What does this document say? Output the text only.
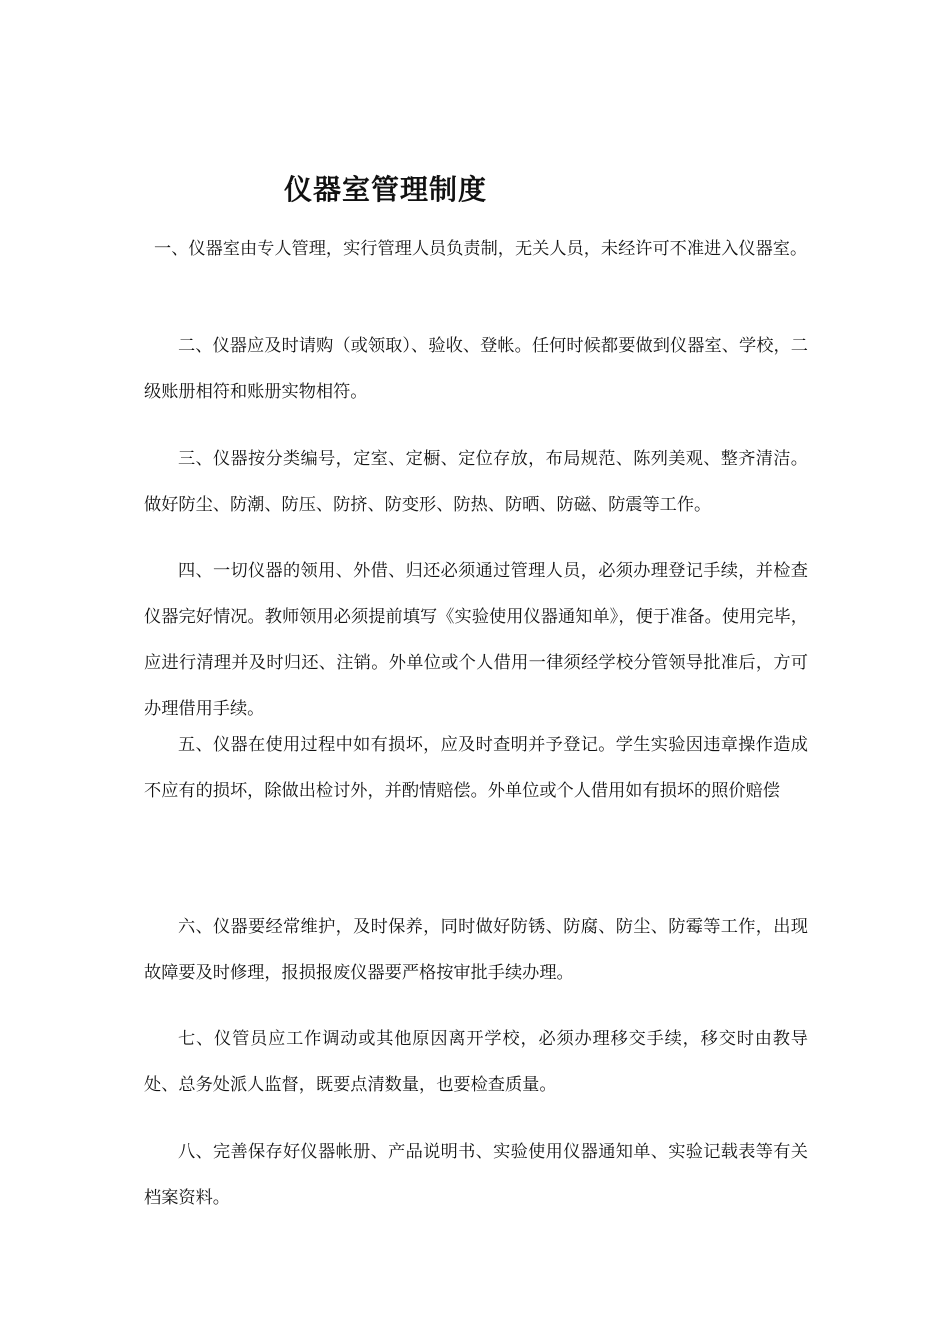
仪器室管理制度

一、仪器室由专人管理，实行管理人员负责制，无关人员，未经许可不准进入仪器室。

二、仪器应及时请购（或领取）、验收、登帐。任何时候都要做到仪器室、学校，二级账册相符和账册实物相符。

三、仪器按分类编号，定室、定橱、定位存放，布局规范、陈列美观、整齐清洁。做好防尘、防潮、防压、防挤、防变形、防热、防晒、防磁、防震等工作。

四、一切仪器的领用、外借、归还必须通过管理人员，必须办理登记手续，并检查仪器完好情况。教师领用必须提前填写《实验使用仪器通知单》，便于准备。使用完毕，应进行清理并及时归还、注销。外单位或个人借用一律须经学校分管领导批准后，方可办理借用手续。

五、仪器在使用过程中如有损坏，应及时查明并予登记。学生实验因违章操作造成不应有的损坏，除做出检讨外，并酌情赔偿。外单位或个人借用如有损坏的照价赔偿

六、仪器要经常维护，及时保养，同时做好防锈、防腐、防尘、防霉等工作，出现故障要及时修理，报损报废仪器要严格按审批手续办理。

七、仪管员应工作调动或其他原因离开学校，必须办理移交手续，移交时由教导处、总务处派人监督，既要点清数量，也要检查质量。

八、完善保存好仪器帐册、产品说明书、实验使用仪器通知单、实验记载表等有关档案资料。
